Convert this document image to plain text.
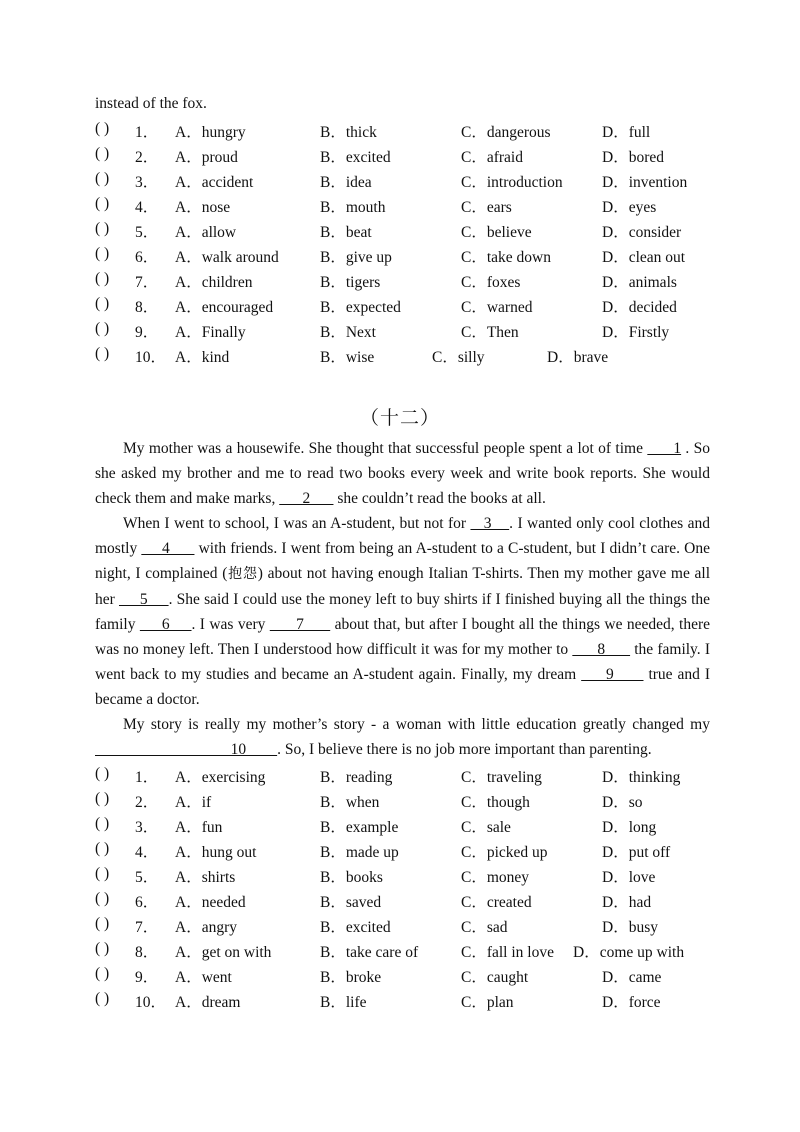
instead of the fox.
( ) 1． A．hungry	B．thick	C．dangerous	D．full
( ) 2． A．proud	B．excited	C．afraid	D．bored
( ) 3． A．accident	B．idea	C．introduction	D．invention
( ) 4． A．nose	B．mouth	C．ears	D．eyes
( ) 5． A．allow	B．beat	C．believe	D．consider
( ) 6． A．walk around	B．give up	C．take down	D．clean out
( ) 7． A．children	B．tigers	C．foxes	D．animals
( ) 8． A．encouraged	B．expected	C．warned	D．decided
( ) 9． A．Finally	B．Next	C．Then	D．Firstly
( ) 10． A．kind	B．wise	C．silly	D．brave
（十二）

My mother was a housewife. She thought that successful people spent a lot of time       1 . So she asked my brother and me to read two books every week and write book reports. She would check them and make marks,       2       she couldn’t read the books at all.

When I went to school, I was an A-student, but not for    3    . I wanted only cool clothes and mostly      4       with friends. I went from being an A-student to a C-student, but I didn’t care. One night, I complained (抱怨) about not having enough Italian T-shirts. Then my mother gave me all her      5     . She said I could use the money left to buy shirts if I finished buying all the things the family      6     . I was very       7       about that, but after I bought all the things we needed, there was no money left. Then I understood how difficult it was for my mother to       8       the family. I went back to my studies and became an A-student again. Finally, my dream      9       true and I became a doctor.

My story is really my mother’s story - a woman with little education greatly changed my                                    10        . So, I believe there is no job more important than parenting.

( ) 1． A．exercising	B．reading	C．traveling	D．thinking
( ) 2． A．if	B．when	C．though	D．so
( ) 3． A．fun	B．example	C．sale	D．long
( ) 4． A．hung out	B．made up	C．picked up	D．put off
( ) 5． A．shirts	B．books	C．money	D．love
( ) 6． A．needed	B．saved	C．created	D．had
( ) 7． A．angry	B．excited	C．sad	D．busy
( ) 8． A．get on with	B．take care of	C．fall in love D．come up with
( ) 9． A．went	B．broke	C．caught	D．came
( ) 10． A．dream	B．life	C．plan	D．force
